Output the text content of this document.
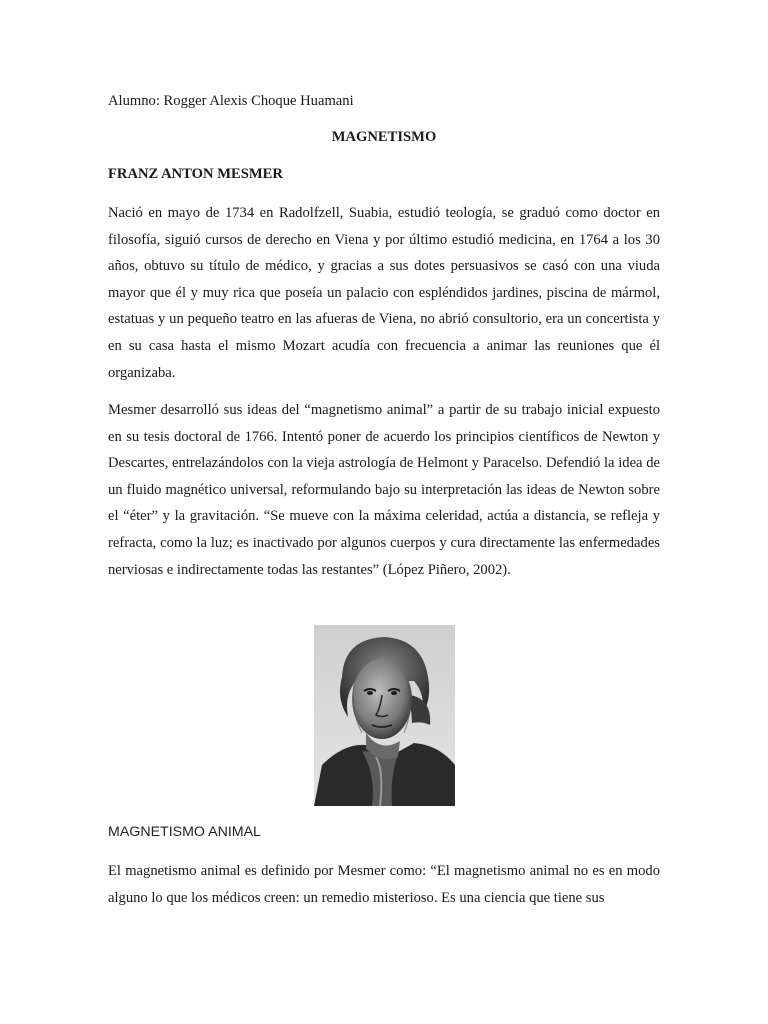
Alumno: Rogger Alexis Choque Huamani

MAGNETISMO

FRANZ ANTON MESMER

Nació en mayo de 1734 en Radolfzell, Suabia, estudió teología, se graduó como doctor en filosofía, siguió cursos de derecho en Viena y por último estudió medicina, en 1764 a los 30 años, obtuvo su título de médico, y gracias a sus dotes persuasivos se casó con una viuda mayor que él y muy rica que poseía un palacio con espléndidos jardines, piscina de mármol, estatuas y un pequeño teatro en las afueras de Viena, no abrió consultorio, era un concertista y en su casa hasta el mismo Mozart acudía con frecuencia a animar las reuniones que él organizaba.

Mesmer desarrolló sus ideas del “magnetismo animal” a partir de su trabajo inicial expuesto en su tesis doctoral de 1766. Intentó poner de acuerdo los principios científicos de Newton y Descartes, entrelazándolos con la vieja astrología de Helmont y Paracelso. Defendió la idea de un fluido magnético universal, reformulando bajo su interpretación las ideas de Newton sobre el “éter” y la gravitación. “Se mueve con la máxima celeridad, actúa a distancia, se refleja y refracta, como la luz; es inactivado por algunos cuerpos y cura directamente las enfermedades nerviosas e indirectamente todas las restantes” (López Piñero, 2002).

MAGNETISMO ANIMAL

El magnetismo animal es definido por Mesmer como: “El magnetismo animal no es en modo alguno lo que los médicos creen: un remedio misterioso. Es una ciencia que tiene sus
